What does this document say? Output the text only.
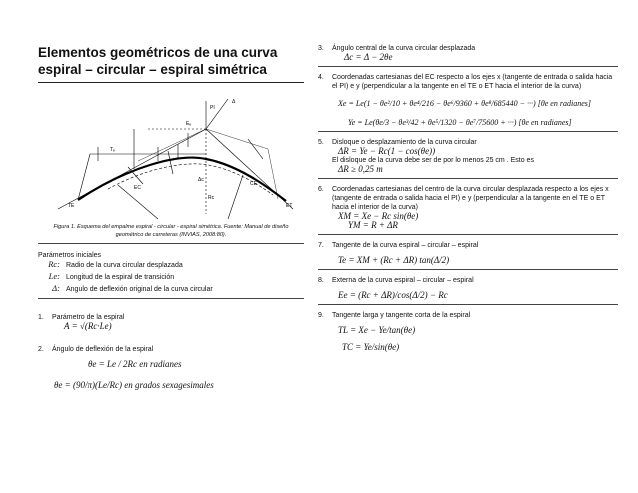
Elementos geométricos de una curva espiral – circular – espiral simétrica
PI
Δ
Eₑ
Tₑ
TE	ET
EC
CE
Δc
Rc
Figura 1. Esquema del empalme espiral - circular - espiral simétrica. Fuente: Manual de diseño geométrico de carreteras (INVIAS, 2008:80).
Parámetros iniciales
Rc: Radio de la curva circular desplazada
Le: Longitud de la espiral de transición
Δ: Angulo de deflexión original de la curva circular
1. Parámetro de la espiral
A = √(Rc·Le)
2. Ángulo de deflexión de la espiral
θe = Le / 2Rc en radianes
θe = (90/π)(Le/Rc) en grados sexagesimales
3. Ángulo central de la curva circular desplazada
Δc = Δ − 2θe
4.	Coordenadas cartesianas del EC respecto a los ejes x (tangente de entrada o salida hacia el PI) e y (perpendicular a la tangente en el TE o ET hacia el interior de la curva)
Xe = Le(1 − θe²/10 + θe⁴/216 − θe⁶/9360 + θe⁸/685440 − ···) [θe en radianes]
Ye = Le(θe/3 − θe³/42 + θe⁵/1320 − θe⁷/75600 + ···) [θe en radianes]
5. Disloque o desplazamiento de la curva circular
ΔR = Ye − Rc(1 − cos(θe))
El disloque de la curva debe ser de por lo menos 25 cm . Esto es
ΔR ≥ 0,25 m
6.	Coordenadas cartesianas del centro de la curva circular desplazada respecto a los ejes x (tangente de entrada o salida hacia el PI) e y (perpendicular a la tangente en el TE o ET hacia el interior de la curva)
XM = Xe − Rc sin(θe)
YM = R + ΔR
7. Tangente de la curva espiral – circular – espiral
Te = XM + (Rc + ΔR) tan(Δ/2)
8. Externa de la curva espiral – circular – espiral
Ee = (Rc + ΔR)/cos(Δ/2) − Rc
9. Tangente larga y tangente corta de la espiral
TL = Xe − Ye/tan(θe)
TC = Ye/sin(θe)
